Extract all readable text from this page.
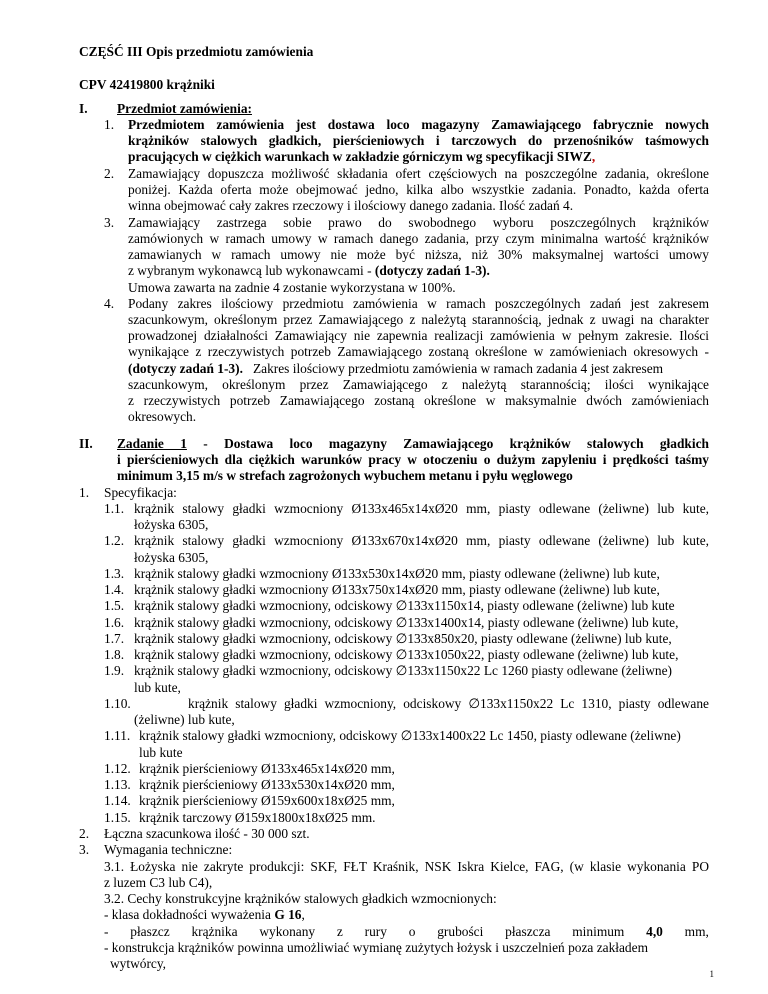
CZĘŚĆ III Opis przedmiotu zamówienia
CPV 42419800 krążniki
I. Przedmiot zamówienia:
1. Przedmiotem zamówienia jest dostawa loco magazyny Zamawiającego fabrycznie nowych
krążników stalowych gładkich, pierścieniowych i tarczowych do przenośników taśmowych
pracujących w ciężkich warunkach w zakładzie górniczym wg specyfikacji SIWZ,
2. Zamawiający dopuszcza możliwość składania ofert częściowych na poszczególne zadania, określone
poniżej. Każda oferta może obejmować jedno, kilka albo wszystkie zadania. Ponadto, każda oferta
winna obejmować cały zakres rzeczowy i ilościowy danego zadania. Ilość zadań 4.
3. Zamawiający zastrzega sobie prawo do swobodnego wyboru poszczególnych krążników
zamówionych w ramach umowy w ramach danego zadania, przy czym minimalna wartość krążników
zamawianych w ramach umowy nie może być niższa, niż 30% maksymalnej wartości umowy
z wybranym wykonawcą lub wykonawcami - (dotyczy zadań 1-3).
Umowa zawarta na zadnie 4 zostanie wykorzystana w 100%.
4. Podany zakres ilościowy przedmiotu zamówienia w ramach poszczególnych zadań jest zakresem
szacunkowym, określonym przez Zamawiającego z należytą starannością, jednak z uwagi na charakter
prowadzonej działalności Zamawiający nie zapewnia realizacji zamówienia w pełnym zakresie. Ilości
wynikające z rzeczywistych potrzeb Zamawiającego zostaną określone w zamówieniach okresowych -
(dotyczy zadań 1-3).   Zakres ilościowy przedmiotu zamówienia w ramach zadania 4 jest zakresem
szacunkowym, określonym przez Zamawiającego z należytą starannością; ilości wynikające
z rzeczywistych potrzeb Zamawiającego zostaną określone w maksymalnie dwóch zamówieniach
okresowych.
II. Zadanie 1 - Dostawa loco magazyny Zamawiającego krążników stalowych gładkich
i pierścieniowych dla ciężkich warunków pracy w otoczeniu o dużym zapyleniu i prędkości taśmy
minimum 3,15 m/s w strefach zagrożonych wybuchem metanu i pyłu węglowego
1. Specyfikacja:
1.1. krążnik stalowy gładki wzmocniony Ø133x465x14xØ20 mm, piasty odlewane (żeliwne) lub kute,
łożyska 6305,
1.2. krążnik stalowy gładki wzmocniony Ø133x670x14xØ20 mm, piasty odlewane (żeliwne) lub kute,
łożyska 6305,
1.3. krążnik stalowy gładki wzmocniony Ø133x530x14xØ20 mm, piasty odlewane (żeliwne) lub kute,
1.4. krążnik stalowy gładki wzmocniony Ø133x750x14xØ20 mm, piasty odlewane (żeliwne) lub kute,
1.5. krążnik stalowy gładki wzmocniony, odciskowy ∅133x1150x14, piasty odlewane (żeliwne) lub kute
1.6. krążnik stalowy gładki wzmocniony, odciskowy ∅133x1400x14, piasty odlewane (żeliwne) lub kute,
1.7. krążnik stalowy gładki wzmocniony, odciskowy ∅133x850x20, piasty odlewane (żeliwne) lub kute,
1.8. krążnik stalowy gładki wzmocniony, odciskowy ∅133x1050x22, piasty odlewane (żeliwne) lub kute,
1.9. krążnik stalowy gładki wzmocniony, odciskowy ∅133x1150x22 Lc 1260 piasty odlewane (żeliwne)
lub kute,
1.10.	krążnik stalowy gładki wzmocniony, odciskowy ∅133x1150x22 Lc 1310, piasty odlewane
(żeliwne) lub kute,
1.11. krążnik stalowy gładki wzmocniony, odciskowy ∅133x1400x22 Lc 1450, piasty odlewane (żeliwne)
lub kute
1.12. krążnik pierścieniowy Ø133x465x14xØ20 mm,
1.13. krążnik pierścieniowy Ø133x530x14xØ20 mm,
1.14. krążnik pierścieniowy Ø159x600x18xØ25 mm,
1.15. krążnik tarczowy Ø159x1800x18xØ25 mm.
2. Łączna szacunkowa ilość - 30 000 szt.
3. Wymagania techniczne:
3.1. Łożyska nie zakryte produkcji: SKF, FŁT Kraśnik, NSK Iskra Kielce, FAG, (w klasie wykonania PO
z luzem C3 lub C4),
3.2. Cechy konstrukcyjne krążników stalowych gładkich wzmocnionych:
- klasa dokładności wyważenia G 16,
- płaszcz krążnika wykonany z rury o grubości płaszcza minimum 4,0 mm,
- konstrukcja krążników powinna umożliwiać wymianę zużytych łożysk i uszczelnień poza zakładem
wytwórcy,
1
